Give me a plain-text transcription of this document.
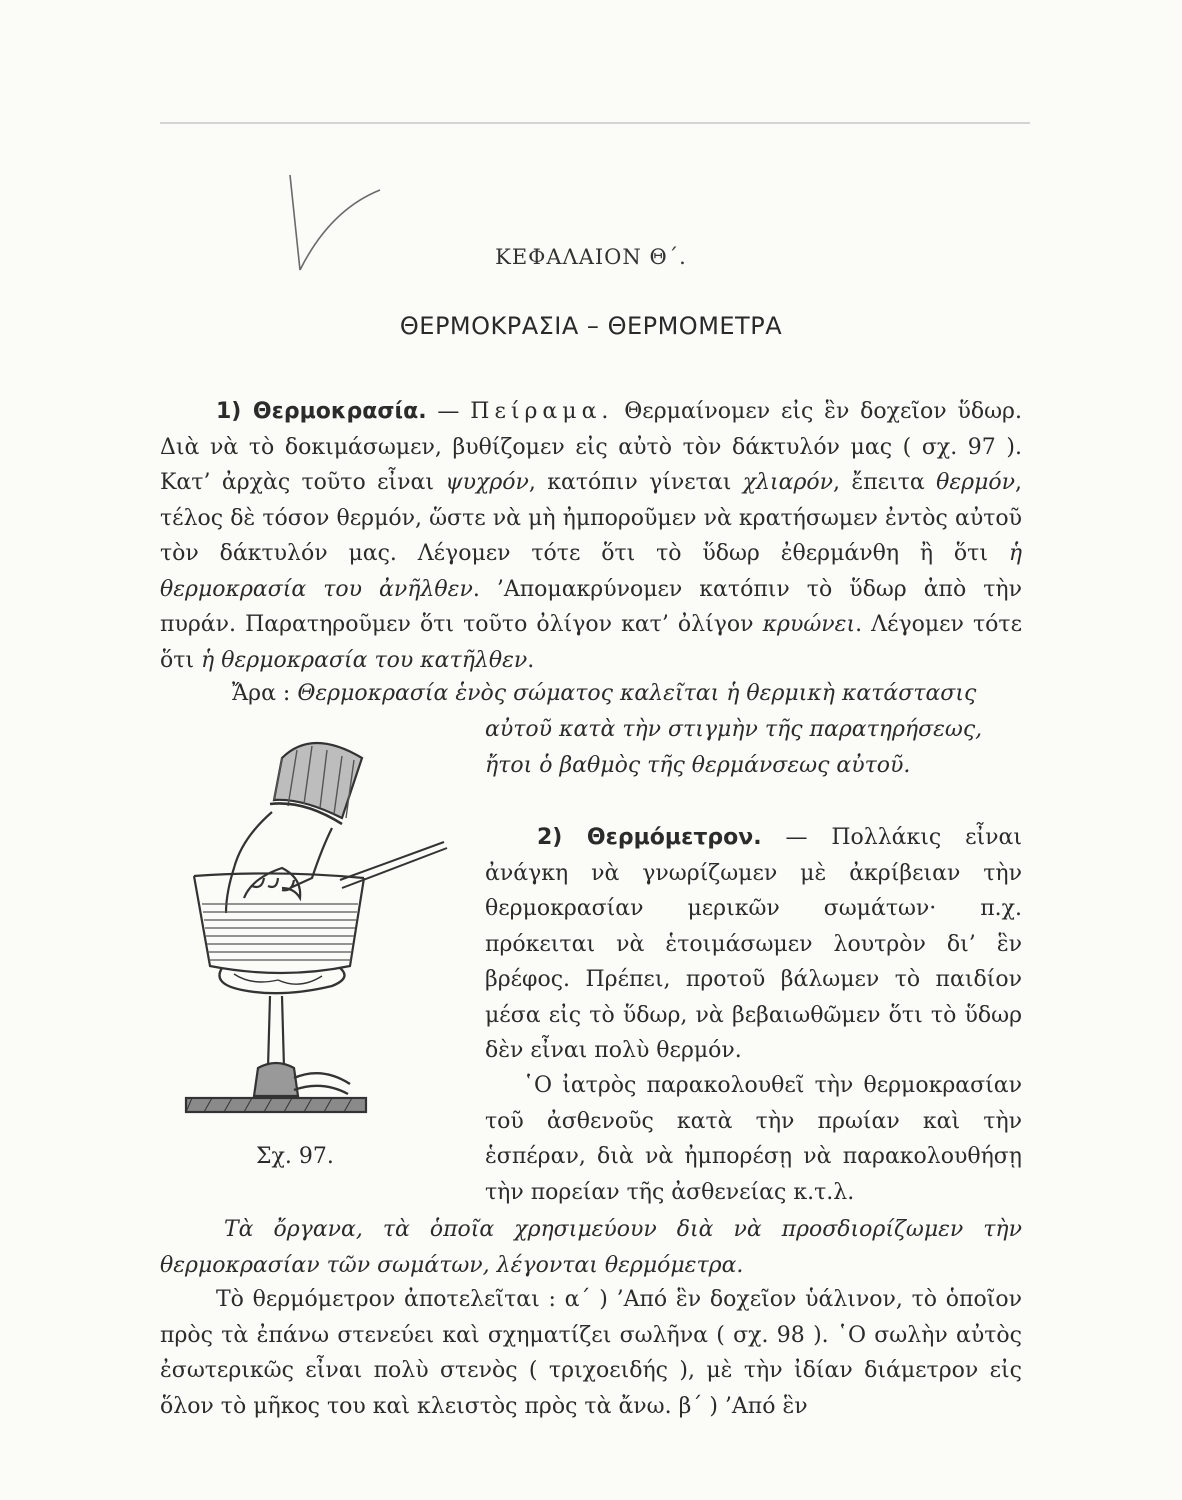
ΚΕΦΑΛΑΙΟΝ Θ΄.
ΘΕΡΜΟΚΡΑΣΙΑ – ΘΕΡΜΟΜΕΤΡΑ
1) Θερμοκρασία. — Πείραμα. Θερμαίνομεν εἰς ἓν δοχεῖον ὕδωρ. Διὰ νὰ τὸ δοκιμάσωμεν, βυθίζομεν εἰς αὐτὸ τὸν δάκτυλόν μας ( σχ. 97 ). Κατ’ ἀρχὰς τοῦτο εἶναι ψυχρόν, κατόπιν γίνεται χλιαρόν, ἔπειτα θερμόν, τέλος δὲ τόσον θερμόν, ὥστε νὰ μὴ ἠμποροῦμεν νὰ κρατήσωμεν ἐντὸς αὐτοῦ τὸν δάκτυλόν μας. Λέγομεν τότε ὅτι τὸ ὕδωρ ἐθερμάνθη ἢ ὅτι ἡ θερμοκρασία του ἀνῆλθεν. ’Απομακρύνομεν κατόπιν τὸ ὕδωρ ἀπὸ τὴν πυράν. Παρατηροῦμεν ὅτι τοῦτο ὀλίγον κατ’ ὀλίγον κρυώνει. Λέγομεν τότε ὅτι ἡ θερμοκρασία του κατῆλθεν.
Ἄρα : Θερμοκρασία ἑνὸς σώματος καλεῖται ἡ θερμικὴ κατάστασις
αὐτοῦ κατὰ τὴν στιγμὴν τῆς παρατηρήσεως,
ἤτοι ὁ βαθμὸς τῆς θερμάνσεως αὐτοῦ.
Σχ. 97.
2) Θερμόμετρον. — Πολλάκις εἶναι ἀνάγκη νὰ γνωρίζωμεν μὲ ἀκρίβειαν τὴν θερμοκρασίαν μερικῶν σωμάτων· π.χ. πρόκειται νὰ ἑτοιμάσωμεν λουτρὸν δι’ ἓν βρέφος. Πρέπει, προτοῦ βάλωμεν τὸ παιδίον μέσα εἰς τὸ ὕδωρ, νὰ βεβαιωθῶμεν ὅτι τὸ ὕδωρ δὲν εἶναι πολὺ θερμόν.
῾Ο ἰατρὸς παρακολουθεῖ τὴν θερμοκρασίαν τοῦ ἀσθενοῦς κατὰ τὴν πρωίαν καὶ τὴν ἑσπέραν, διὰ νὰ ἠμπορέσῃ νὰ παρακολουθήσῃ τὴν πορείαν τῆς ἀσθενείας κ.τ.λ.
Τὰ ὄργανα, τὰ ὁποῖα χρησιμεύουν διὰ νὰ προσδιορίζωμεν τὴν θερμοκρασίαν τῶν σωμάτων, λέγονται θερμόμετρα.
Τὸ θερμόμετρον ἀποτελεῖται : α΄ ) ’Από ἓν δοχεῖον ὑάλινον, τὸ ὁποῖον πρὸς τὰ ἐπάνω στενεύει καὶ σχηματίζει σωλῆνα ( σχ. 98 ). ῾Ο σωλὴν αὐτὸς ἐσωτερικῶς εἶναι πολὺ στενὸς ( τριχοειδής ), μὲ τὴν ἰδίαν διάμετρον εἰς ὅλον τὸ μῆκος του καὶ κλειστὸς πρὸς τὰ ἄνω. β΄ ) ’Από ἓν
